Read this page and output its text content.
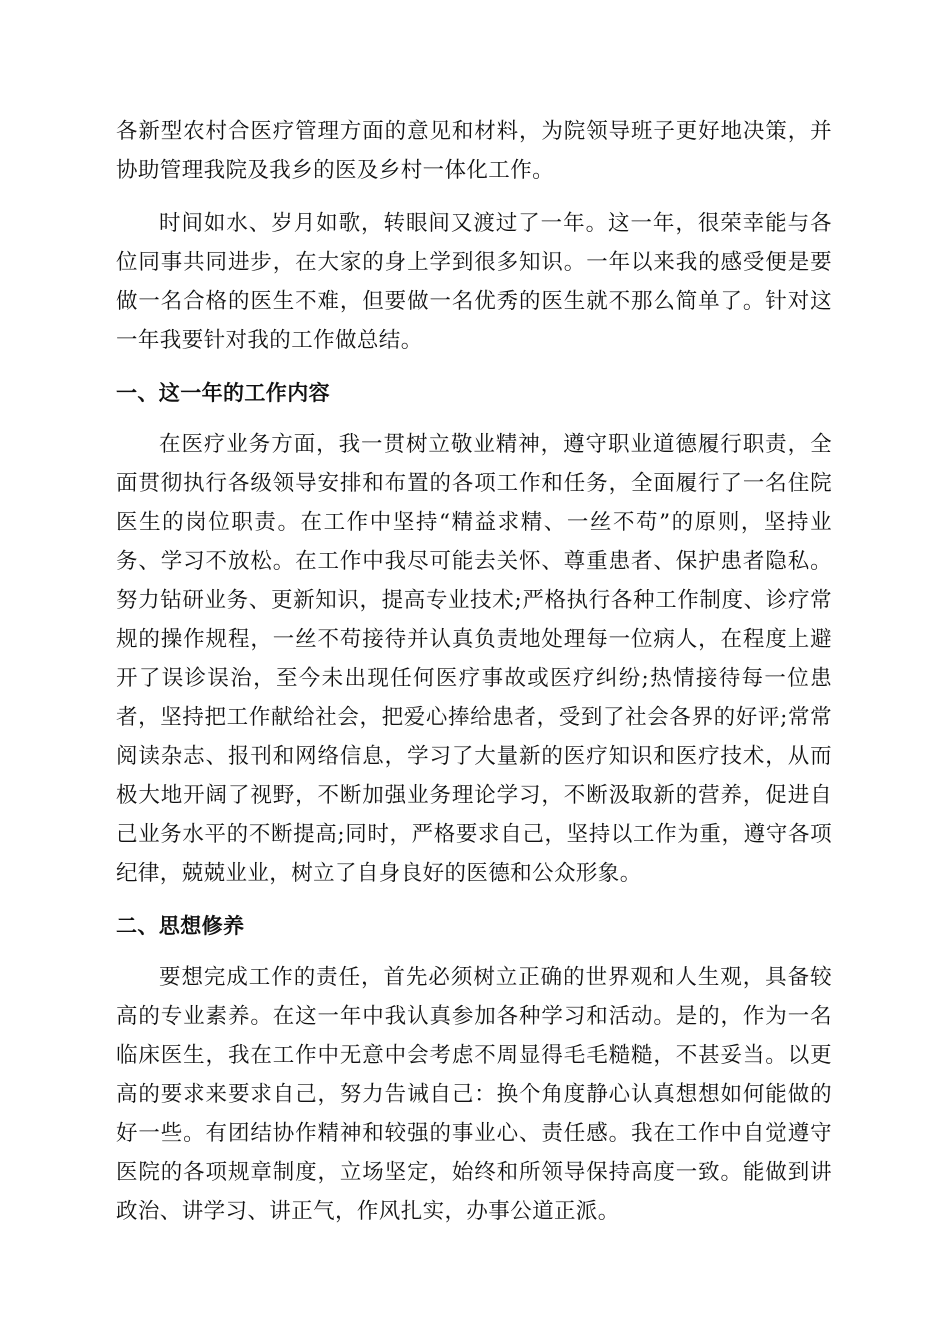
各新型农村合医疗管理方面的意见和材料，为院领导班子更好地决策，并协助管理我院及我乡的医及乡村一体化工作。

时间如水、岁月如歌，转眼间又渡过了一年。这一年，很荣幸能与各位同事共同进步，在大家的身上学到很多知识。一年以来我的感受便是要做一名合格的医生不难，但要做一名优秀的医生就不那么简单了。针对这一年我要针对我的工作做总结。

一、这一年的工作内容

在医疗业务方面，我一贯树立敬业精神，遵守职业道德履行职责，全面贯彻执行各级领导安排和布置的各项工作和任务，全面履行了一名住院医生的岗位职责。在工作中坚持“精益求精、一丝不苟”的原则，坚持业务、学习不放松。在工作中我尽可能去关怀、尊重患者、保护患者隐私。努力钻研业务、更新知识，提高专业技术;严格执行各种工作制度、诊疗常规的操作规程，一丝不苟接待并认真负责地处理每一位病人，在程度上避开了误诊误治，至今未出现任何医疗事故或医疗纠纷;热情接待每一位患者，坚持把工作献给社会，把爱心捧给患者，受到了社会各界的好评;常常阅读杂志、报刊和网络信息，学习了大量新的医疗知识和医疗技术，从而极大地开阔了视野，不断加强业务理论学习，不断汲取新的营养，促进自己业务水平的不断提高;同时，严格要求自己，坚持以工作为重，遵守各项纪律，兢兢业业，树立了自身良好的医德和公众形象。

二、思想修养

要想完成工作的责任，首先必须树立正确的世界观和人生观，具备较高的专业素养。在这一年中我认真参加各种学习和活动。是的，作为一名临床医生，我在工作中无意中会考虑不周显得毛毛糙糙，不甚妥当。以更高的要求来要求自己，努力告诫自己：换个角度静心认真想想如何能做的好一些。有团结协作精神和较强的事业心、责任感。我在工作中自觉遵守医院的各项规章制度，立场坚定，始终和所领导保持高度一致。能做到讲政治、讲学习、讲正气，作风扎实，办事公道正派。
